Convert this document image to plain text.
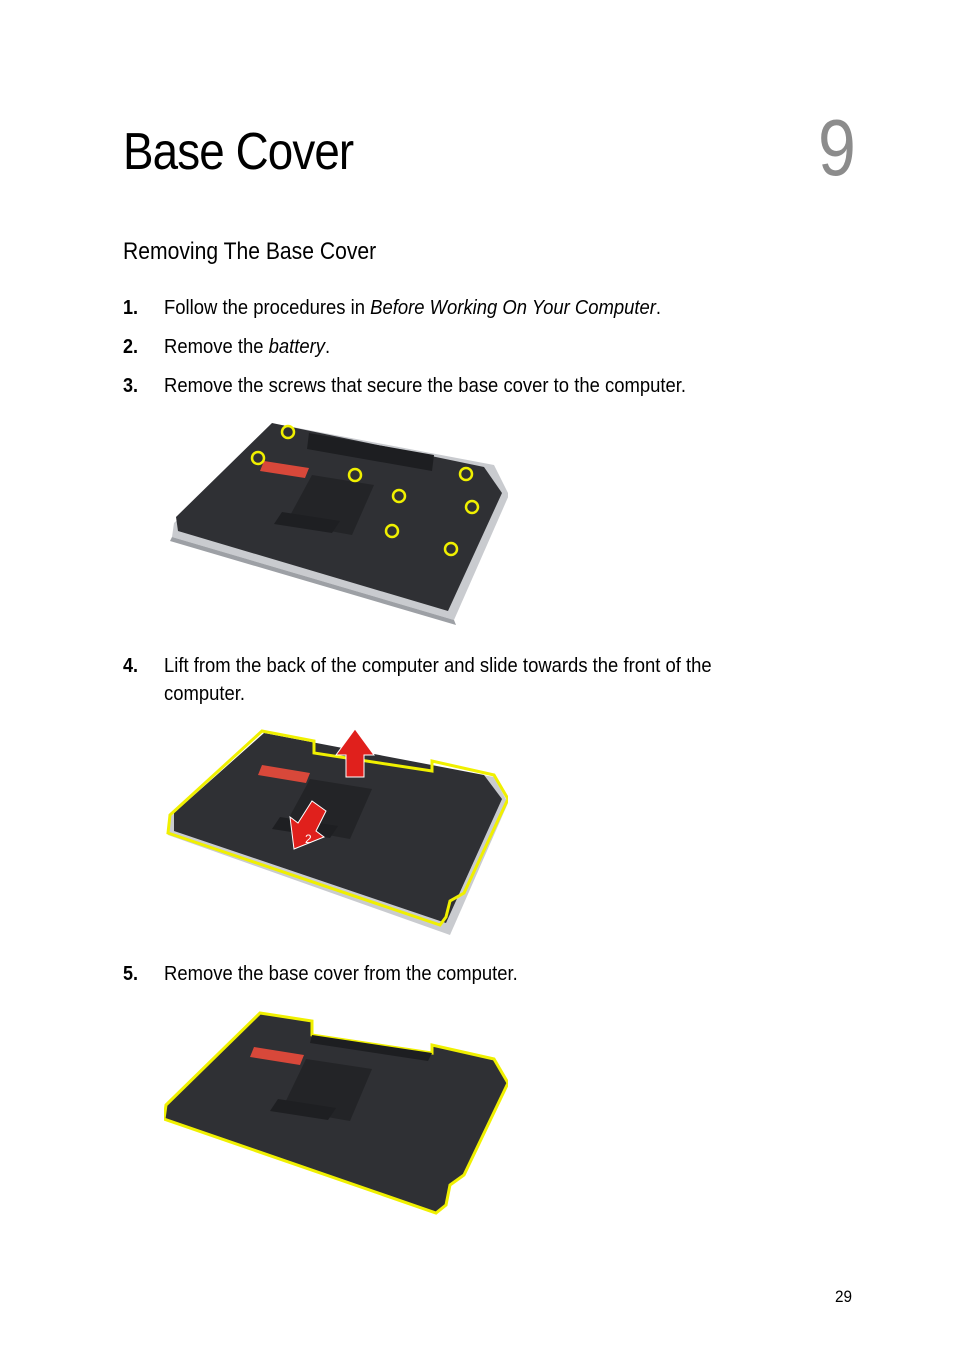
Base Cover	9
Removing The Base Cover
1. Follow the procedures in Before Working On Your Computer.
2. Remove the battery.
3. Remove the screws that secure the base cover to the computer.
4. Lift from the back of the computer and slide towards the front of the
computer.
1
2
5. Remove the base cover from the computer.
29
